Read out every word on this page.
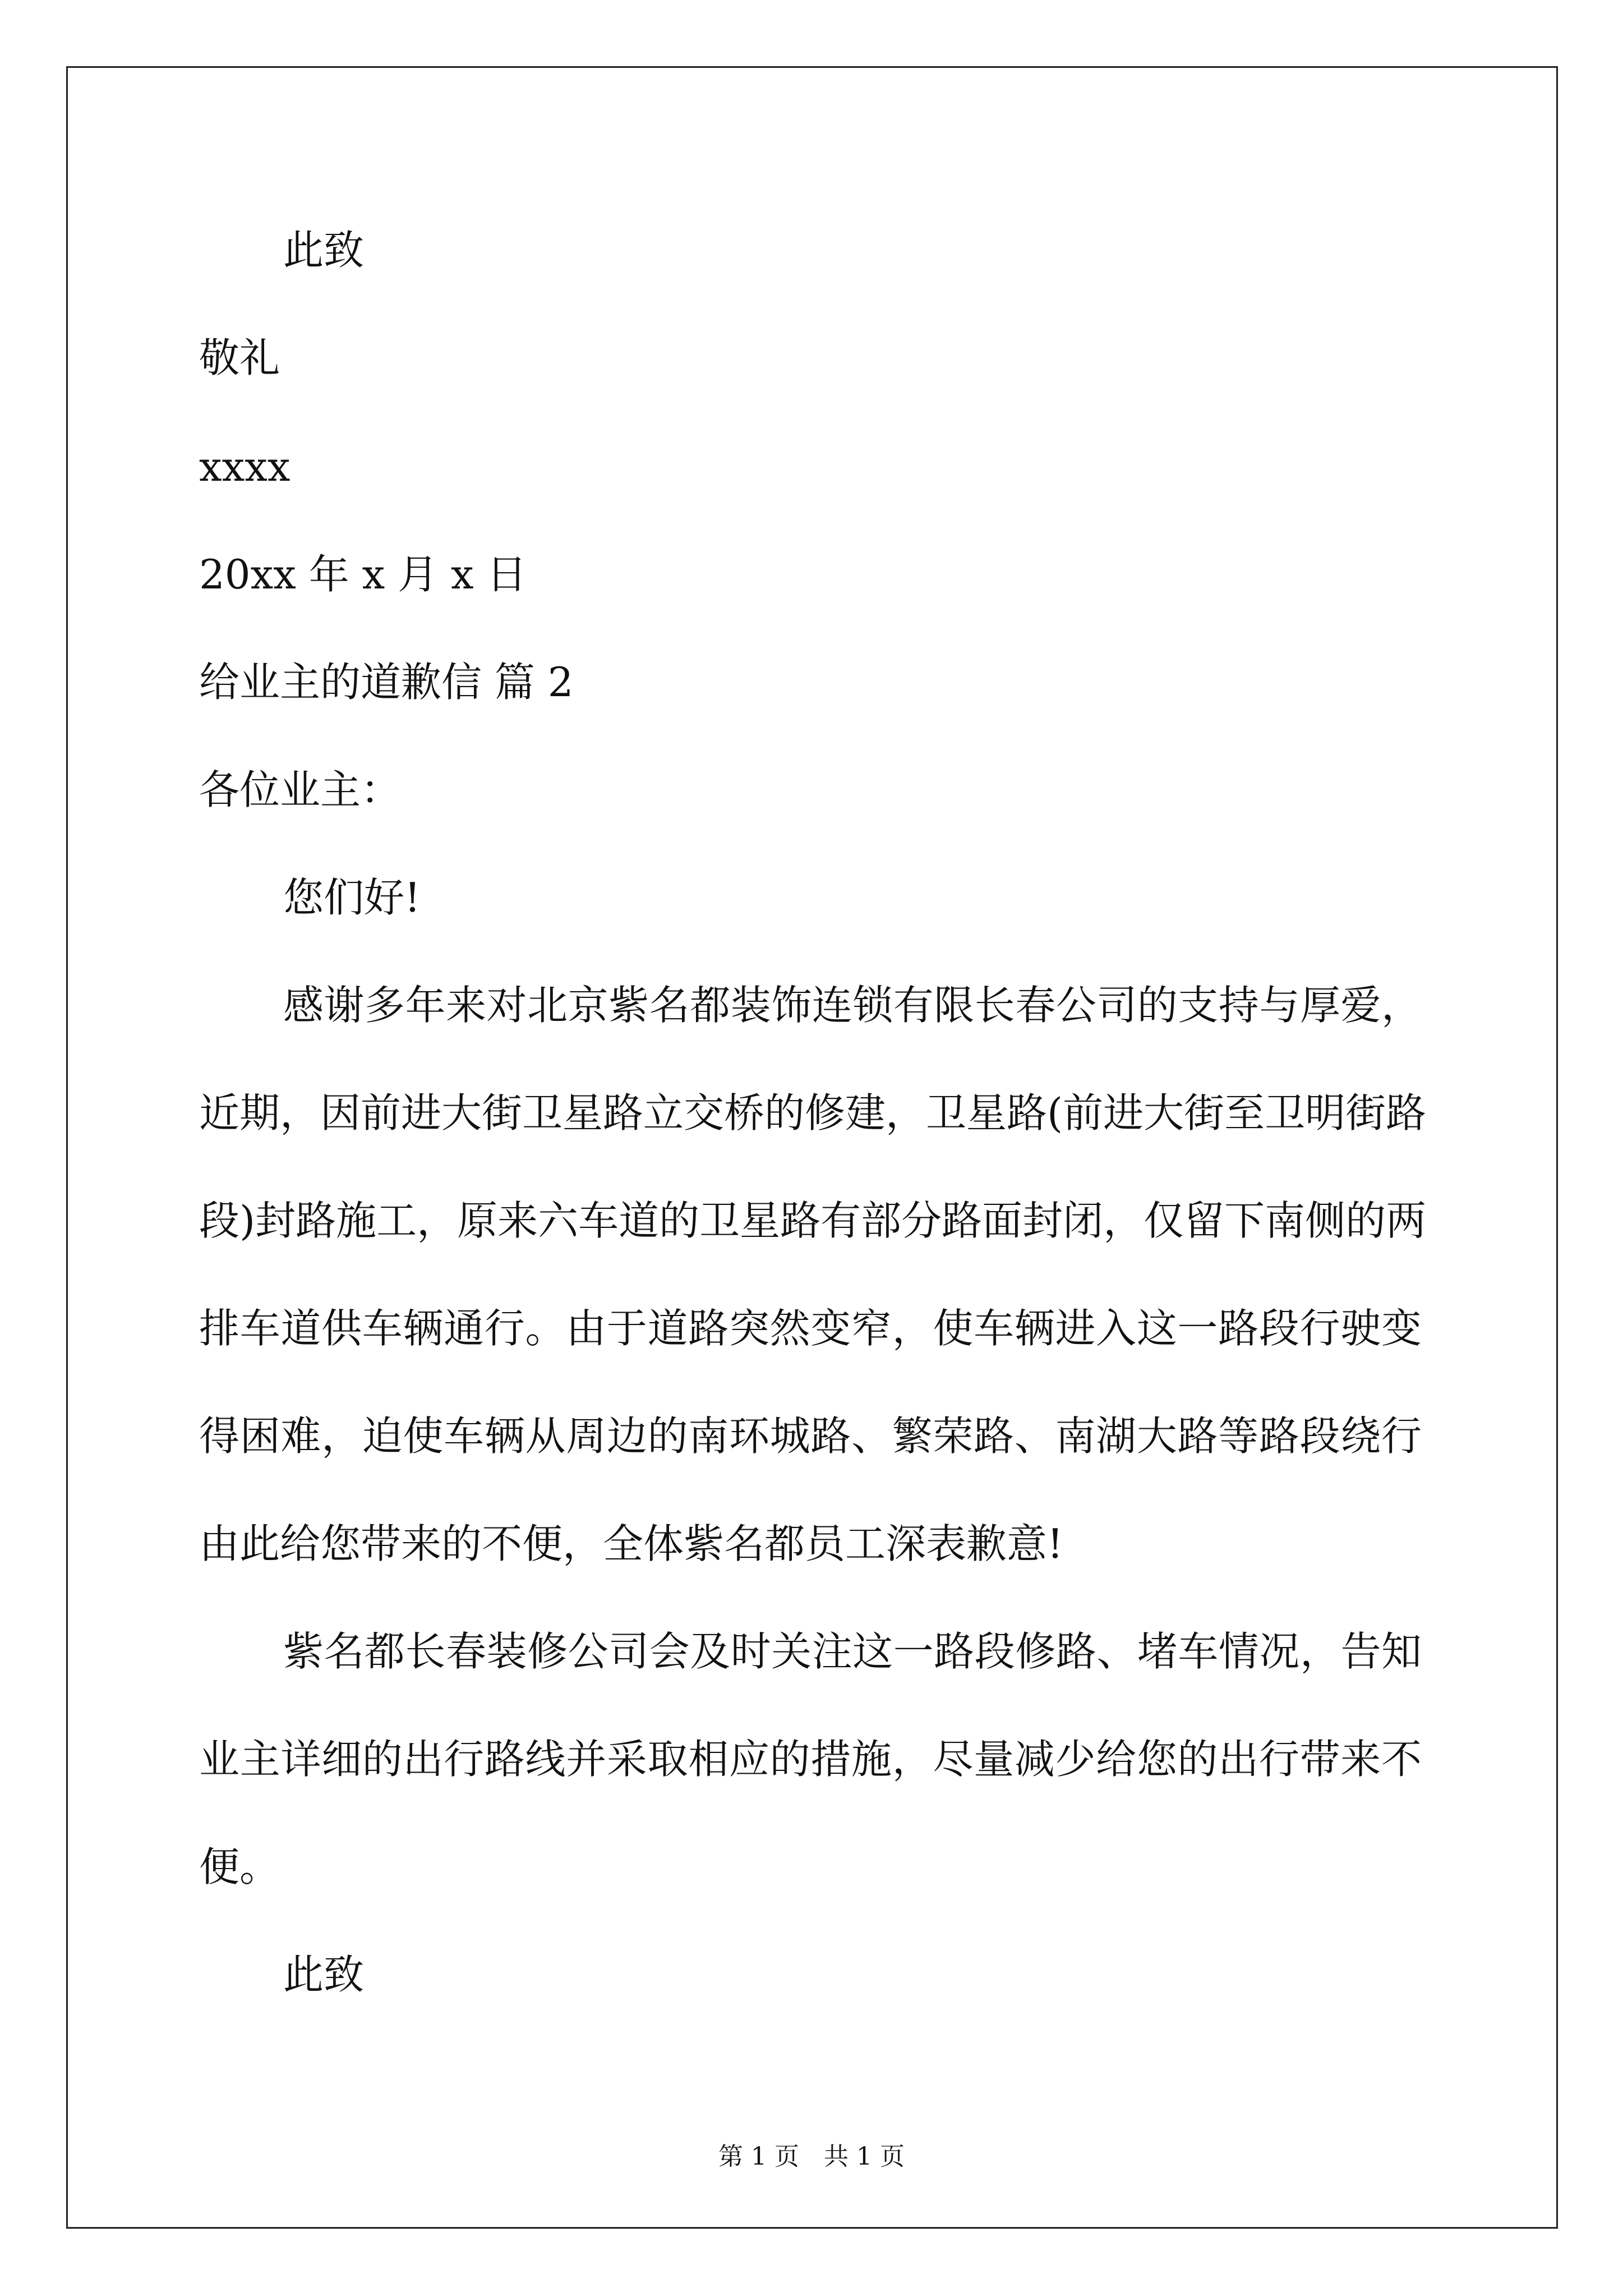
此致
敬礼
xxxx
20xx 年 x 月 x 日
给业主的道歉信 篇 2
各位业主：
您们好!
感谢多年来对北京紫名都装饰连锁有限长春公司的支持与厚爱，
近期，因前进大街卫星路立交桥的修建，卫星路(前进大街至卫明街路
段)封路施工，原来六车道的卫星路有部分路面封闭，仅留下南侧的两
排车道供车辆通行。由于道路突然变窄，使车辆进入这一路段行驶变
得困难，迫使车辆从周边的南环城路、繁荣路、南湖大路等路段绕行
由此给您带来的不便，全体紫名都员工深表歉意!
紫名都长春装修公司会及时关注这一路段修路、堵车情况，告知
业主详细的出行路线并采取相应的措施，尽量减少给您的出行带来不
便。
此致
第 1 页　共 1 页
